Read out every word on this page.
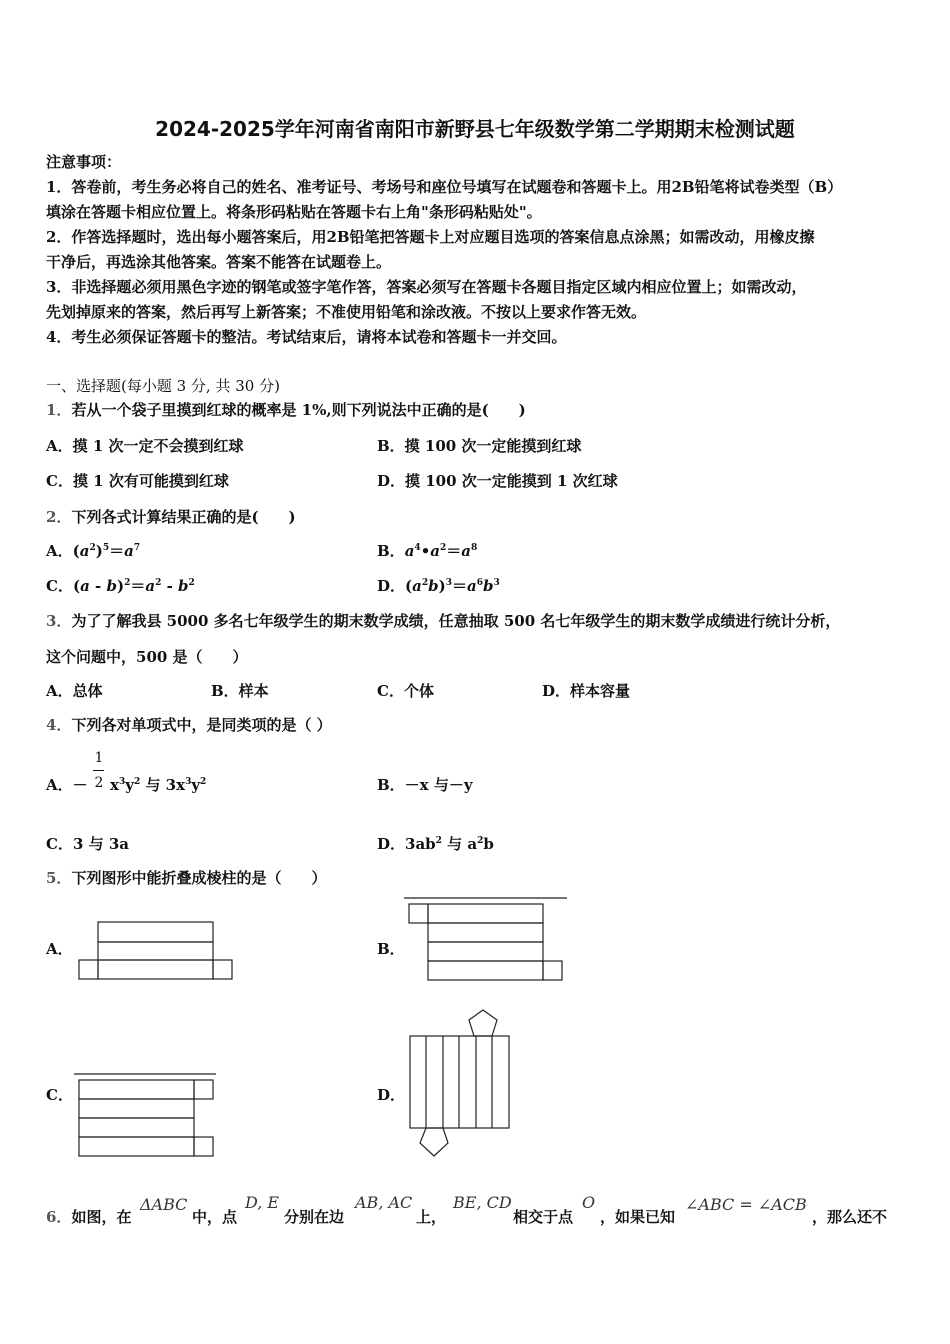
2024-2025学年河南省南阳市新野县七年级数学第二学期期末检测试题
注意事项：
1．答卷前，考生务必将自己的姓名、准考证号、考场号和座位号填写在试题卷和答题卡上。用2B铅笔将试卷类型（B）
填涂在答题卡相应位置上。将条形码粘贴在答题卡右上角"条形码粘贴处"。
2．作答选择题时，选出每小题答案后，用2B铅笔把答题卡上对应题目选项的答案信息点涂黑；如需改动，用橡皮擦
干净后，再选涂其他答案。答案不能答在试题卷上。
3．非选择题必须用黑色字迹的钢笔或签字笔作答，答案必须写在答题卡各题目指定区域内相应位置上；如需改动，
先划掉原来的答案，然后再写上新答案；不准使用铅笔和涂改液。不按以上要求作答无效。
4．考生必须保证答题卡的整洁。考试结束后，请将本试卷和答题卡一并交回。
一、选择题(每小题 3 分, 共 30 分)
1．若从一个袋子里摸到红球的概率是 1%,则下列说法中正确的是(　　)
A．摸 1 次一定不会摸到红球	B．摸 100 次一定能摸到红球
C．摸 1 次有可能摸到红球	D．摸 100 次一定能摸到 1 次红球
2．下列各式计算结果正确的是(　　)
A．$(a^2)^5=a^7$	B．$a^4•a^2=a^8$
C．$(a - b)^2=a^2 - b^2$	D．$(a^2b)^3=a^6b^3$
3．为了了解我县 5000 多名七年级学生的期末数学成绩，任意抽取 500 名七年级学生的期末数学成绩进行统计分析，
这个问题中，500 是（　　）
A．总体	B．样本	C．个体	D．样本容量
4．下列各对单项式中，是同类项的是（ ）
A．－
1
2 $x^3y^2$ 与 $3x^3y^2$	B．－x 与－y
C．3 与 3a	D．$3ab^2$ 与 $a^2b$
5．下列图形中能折叠成棱柱的是（　　）
A．	B．
C．	D．
6．如图，在
ΔABC
中，点
D, E
分别在边
AB, AC
上，
BE, CD
相交于点
O
，如果已知
∠ABC = ∠ACB
，那么还不
